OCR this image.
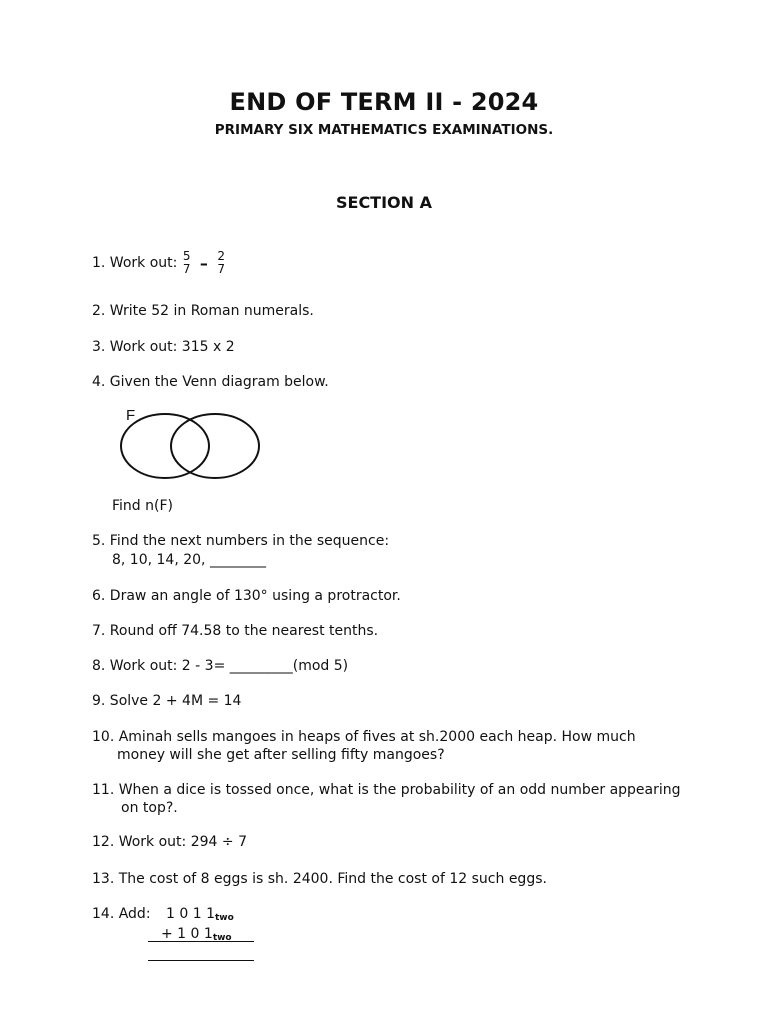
END OF TERM II - 2024
PRIMARY SIX MATHEMATICS EXAMINATIONS.
SECTION A
1. Work out: 5
7 – 2
7
2. Write 52 in Roman numerals.
3. Work out: 315 x 2
4. Given the Venn diagram below.
F
Find n(F)
5. Find the next numbers in the sequence:
8, 10, 14, 20, ________
6. Draw an angle of 130° using a protractor.
7. Round off 74.58 to the nearest tenths.
8. Work out: 2 - 3= _________(mod 5)
9. Solve 2 + 4M = 14
10. Aminah sells mangoes in heaps of fives at sh.2000 each heap. How much
money will she get after selling fifty mangoes?
11. When a dice is tossed once, what is the probability of an odd number appearing
on top?.
12. Work out: 294 ÷ 7
13. The cost of 8 eggs is sh. 2400. Find the cost of 12 such eggs.
14. Add: 1 0 1 $1_{two}$
+ 1 0 $1_{two}$
